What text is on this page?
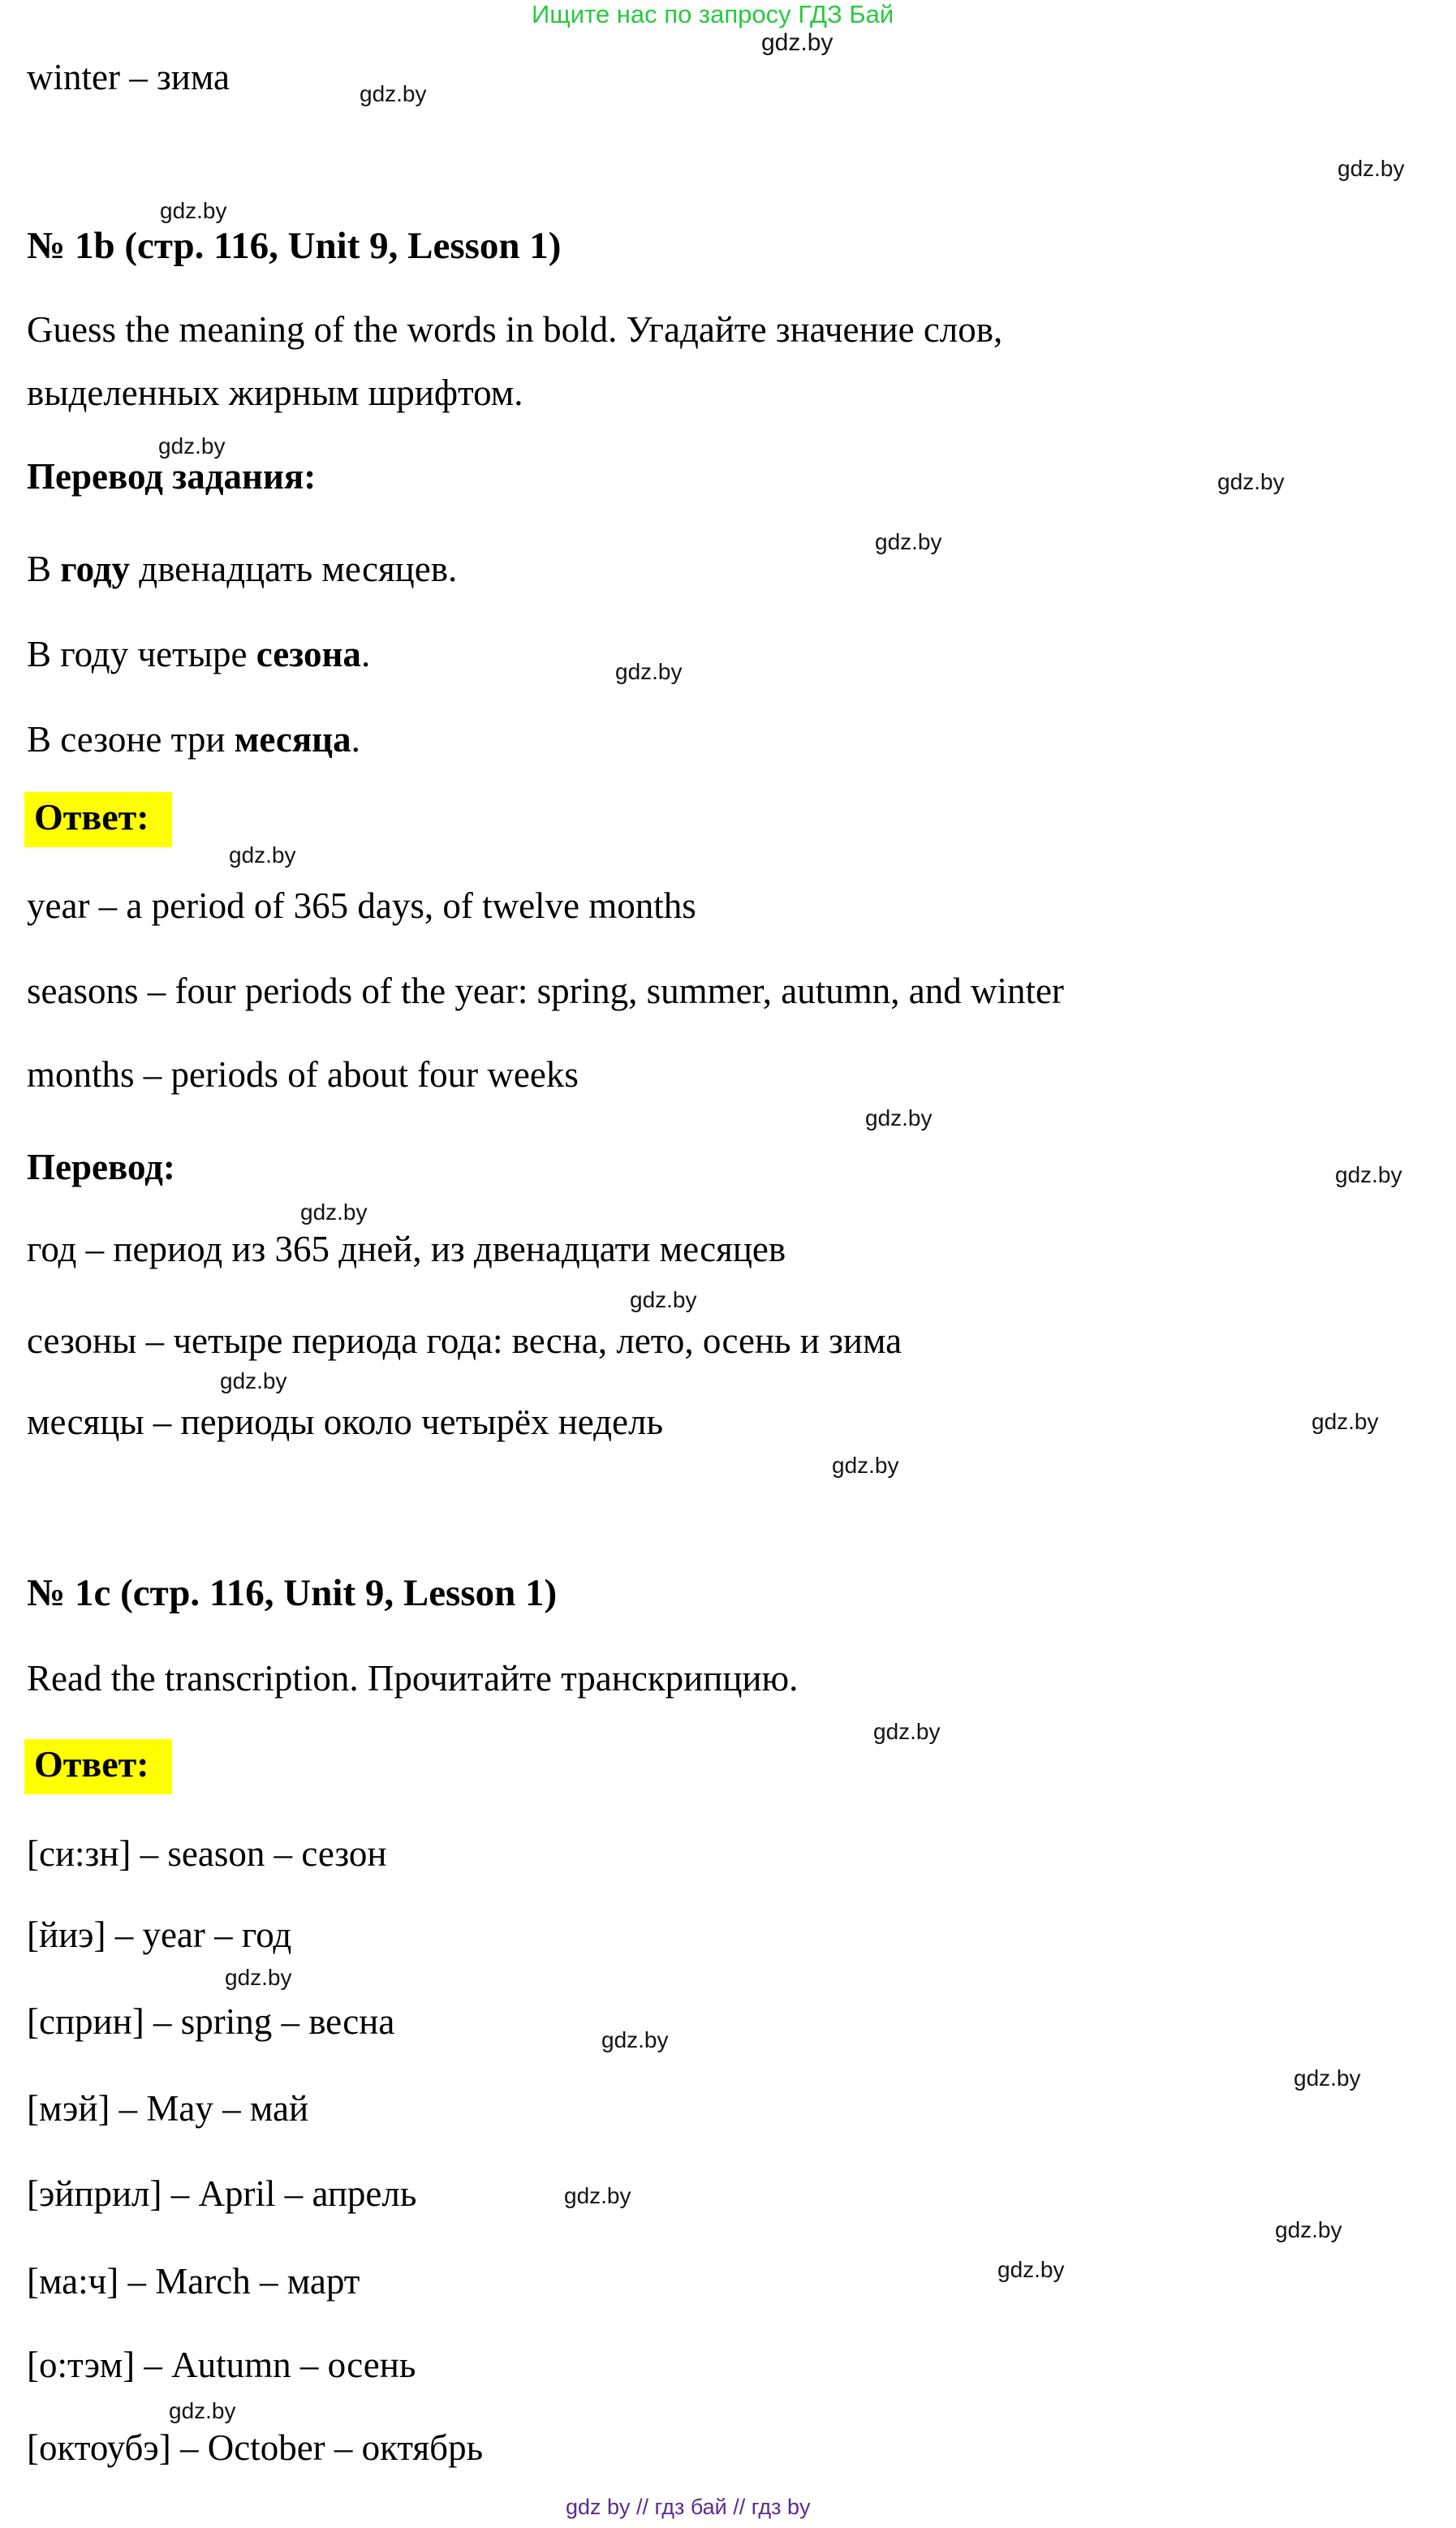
Ищите нас по запросу ГДЗ Бай
gdz.by
winter – зима
№ 1b (стр. 116, Unit 9, Lesson 1)
Guess the meaning of the words in bold. Угадайте значение слов,
выделенных жирным шрифтом.
Перевод задания:
В году двенадцать месяцев.
В году четыре сезона.
В сезоне три месяца.
Ответ:
year – a period of 365 days, of twelve months
seasons – four periods of the year: spring, summer, autumn, and winter
months – periods of about four weeks
Перевод:
год – период из 365 дней, из двенадцати месяцев
сезоны – четыре периода года: весна, лето, осень и зима
месяцы – периоды около четырёх недель
№ 1c (стр. 116, Unit 9, Lesson 1)
Read the transcription. Прочитайте транскрипцию.
Ответ:
[си:зн] – season – сезон
[йиэ] – year – год
[сприн] – spring – весна
[мэй] – May – май
[эйприл] – April – апрель
[ма:ч] – March – март
[о:тэм] – Autumn – осень
[октоубэ] – October – октябрь
gdz.by
gdz.by
gdz.by
gdz.by
gdz.by
gdz.by
gdz.by
gdz.by
gdz.by
gdz.by
gdz.by
gdz.by
gdz.by
gdz.by
gdz.by
gdz.by
gdz.by
gdz.by
gdz.by
gdz.by
gdz.by
gdz.by
gdz.by
gdz by // гдз бай // гдз by
